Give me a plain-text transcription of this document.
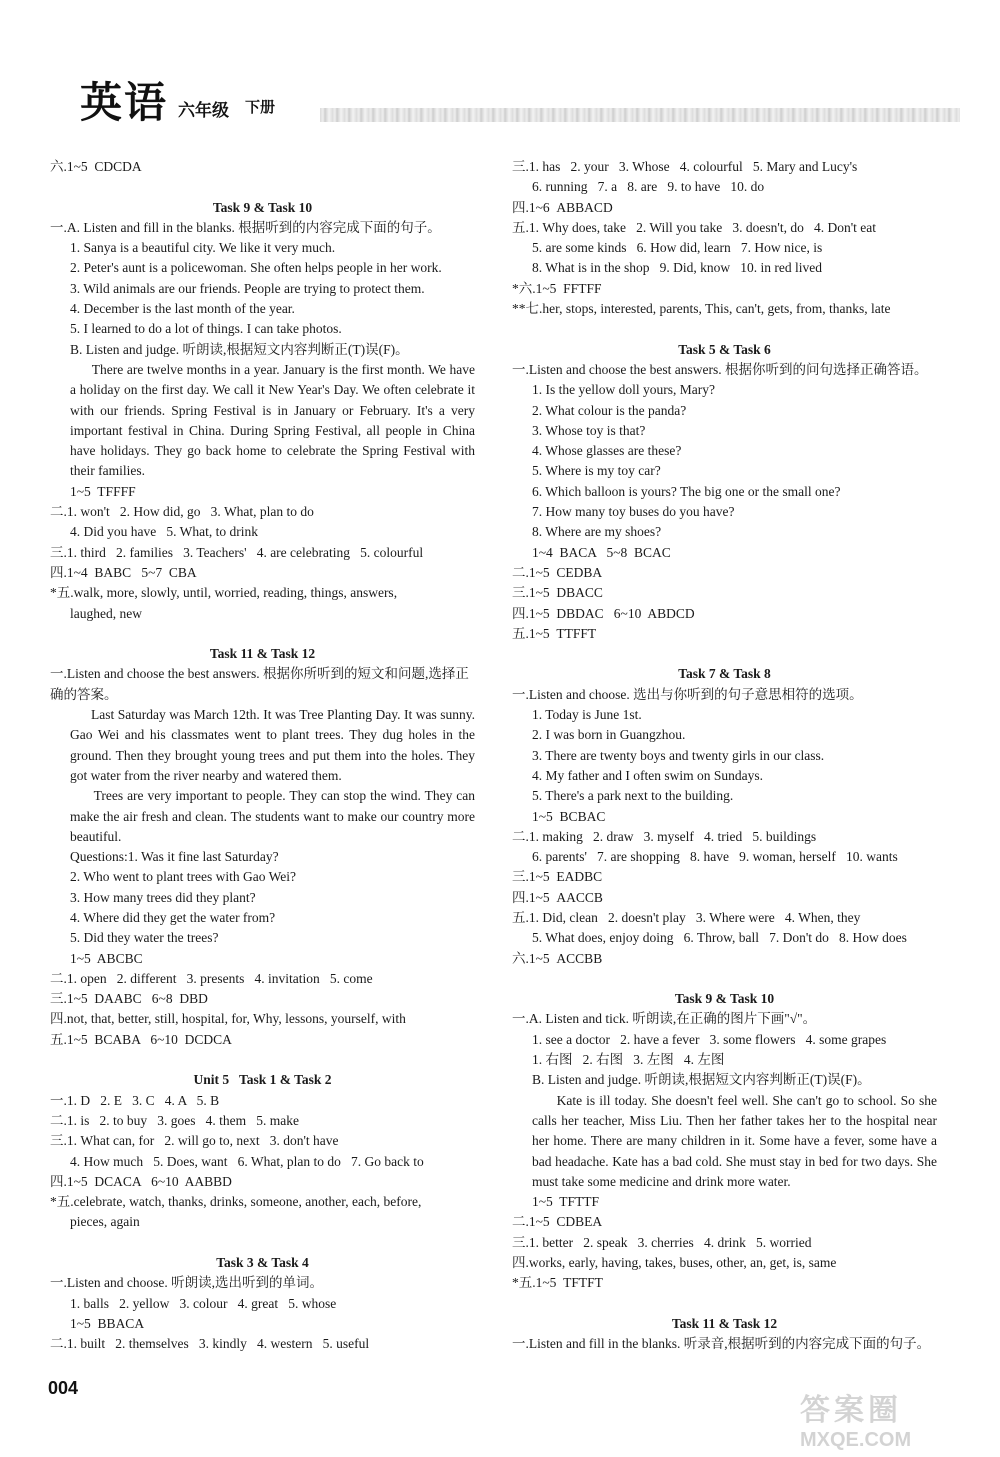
英语 六年级 下册

六.1~5  CDCDA

Task 9 & Task 10

一.A. Listen and fill in the blanks. 根据听到的内容完成下面的句子。

1. Sanya is a beautiful city. We like it very much.

2. Peter's aunt is a policewoman. She often helps people in her work.

3. Wild animals are our friends. People are trying to protect them.

4. December is the last month of the year.

5. I learned to do a lot of things. I can take photos.

B. Listen and judge. 听朗读,根据短文内容判断正(T)误(F)。

There are twelve months in a year. January is the first month. We have a holiday on the first day. We call it New Year's Day. We often celebrate it with our friends. Spring Festival is in January or February. It's a very important festival in China. During Spring Festival, all people in China have holidays. They go back home to celebrate the Spring Festival with their families.

1~5  TFFFF

二.1. won't   2. How did, go   3. What, plan to do

4. Did you have   5. What, to drink

三.1. third   2. families   3. Teachers'   4. are celebrating   5. colourful

四.1~4  BABC   5~7  CBA

*五.walk, more, slowly, until, worried, reading, things, answers,

laughed, new

Task 11 & Task 12

一.Listen and choose the best answers. 根据你所听到的短文和问题,选择正确的答案。

Last Saturday was March 12th. It was Tree Planting Day. It was sunny. Gao Wei and his classmates went to plant trees. They dug holes in the ground. Then they brought young trees and put them into the holes. They got water from the river nearby and watered them.

Trees are very important to people. They can stop the wind. They can make the air fresh and clean. The students want to make our country more beautiful.

Questions:1. Was it fine last Saturday?

2. Who went to plant trees with Gao Wei?

3. How many trees did they plant?

4. Where did they get the water from?

5. Did they water the trees?

1~5  ABCBC

二.1. open   2. different   3. presents   4. invitation   5. come

三.1~5  DAABC   6~8  DBD

四.not, that, better, still, hospital, for, Why, lessons, yourself, with

五.1~5  BCABA   6~10  DCDCA

Unit 5   Task 1 & Task 2

一.1. D   2. E   3. C   4. A   5. B

二.1. is   2. to buy   3. goes   4. them   5. make

三.1. What can, for   2. will go to, next   3. don't have

4. How much   5. Does, want   6. What, plan to do   7. Go back to

四.1~5  DCACA   6~10  AABBD

*五.celebrate, watch, thanks, drinks, someone, another, each, before,

pieces, again

Task 3 & Task 4

一.Listen and choose. 听朗读,选出听到的单词。

1. balls   2. yellow   3. colour   4. great   5. whose

1~5  BBACA

二.1. built   2. themselves   3. kindly   4. western   5. useful

三.1. has   2. your   3. Whose   4. colourful   5. Mary and Lucy's

6. running   7. a   8. are   9. to have   10. do

四.1~6  ABBACD

五.1. Why does, take   2. Will you take   3. doesn't, do   4. Don't eat

5. are some kinds   6. How did, learn   7. How nice, is

8. What is in the shop   9. Did, know   10. in red lived

*六.1~5  FFTFF

**七.her, stops, interested, parents, This, can't, gets, from, thanks, late

Task 5 & Task 6

一.Listen and choose the best answers. 根据你听到的问句选择正确答语。

1. Is the yellow doll yours, Mary?

2. What colour is the panda?

3. Whose toy is that?

4. Whose glasses are these?

5. Where is my toy car?

6. Which balloon is yours? The big one or the small one?

7. How many toy buses do you have?

8. Where are my shoes?

1~4  BACA   5~8  BCAC

二.1~5  CEDBA

三.1~5  DBACC

四.1~5  DBDAC   6~10  ABDCD

五.1~5  TTFFT

Task 7 & Task 8

一.Listen and choose. 选出与你听到的句子意思相符的选项。

1. Today is June 1st.

2. I was born in Guangzhou.

3. There are twenty boys and twenty girls in our class.

4. My father and I often swim on Sundays.

5. There's a park next to the building.

1~5  BCBAC

二.1. making   2. draw   3. myself   4. tried   5. buildings

6. parents'   7. are shopping   8. have   9. woman, herself   10. wants

三.1~5  EADBC

四.1~5  AACCB

五.1. Did, clean   2. doesn't play   3. Where were   4. When, they

5. What does, enjoy doing   6. Throw, ball   7. Don't do   8. How does

六.1~5  ACCBB

Task 9 & Task 10

一.A. Listen and tick. 听朗读,在正确的图片下画"√"。

1. see a doctor   2. have a fever   3. some flowers   4. some grapes

1. 右图   2. 右图   3. 左图   4. 左图

B. Listen and judge. 听朗读,根据短文内容判断正(T)误(F)。

Kate is ill today. She doesn't feel well. She can't go to school. So she calls her teacher, Miss Liu. Then her father takes her to the hospital near her home. There are many children in it. Some have a fever, some have a bad headache. Kate has a bad cold. She must stay in bed for two days. She must take some medicine and drink more water.

1~5  TFTTF

二.1~5  CDBEA

三.1. better   2. speak   3. cherries   4. drink   5. worried

四.works, early, having, takes, buses, other, an, get, is, same

*五.1~5  TFTFT

Task 11 & Task 12

一.Listen and fill in the blanks. 听录音,根据听到的内容完成下面的句子。

004
答案圈
MXQE.COM
